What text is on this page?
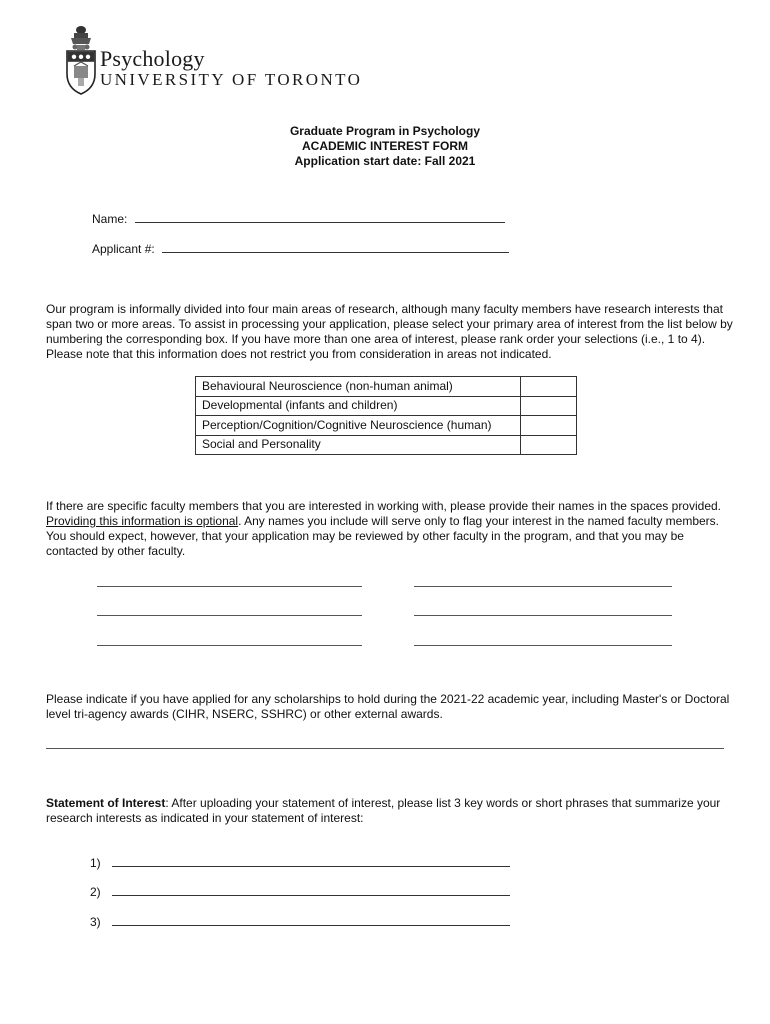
Psychology
UNIVERSITY OF TORONTO
Graduate Program in Psychology
ACADEMIC INTEREST FORM
Application start date: Fall 2021
Name:
Applicant #:
Our program is informally divided into four main areas of research, although many faculty members have research interests that span two or more areas. To assist in processing your application, please select your primary area of interest from the list below by numbering the corresponding box. If you have more than one area of interest, please rank order your selections (i.e., 1 to 4). Please note that this information does not restrict you from consideration in areas not indicated.
Behavioural Neuroscience (non-human animal)	
Developmental (infants and children)	
Perception/Cognition/Cognitive Neuroscience (human)	
Social and Personality	
If there are specific faculty members that you are interested in working with, please provide their names in the spaces provided. Providing this information is optional. Any names you include will serve only to flag your interest in the named faculty members. You should expect, however, that your application may be reviewed by other faculty in the program, and that you may be contacted by other faculty.
Please indicate if you have applied for any scholarships to hold during the 2021-22 academic year, including Master's or Doctoral level tri-agency awards (CIHR, NSERC, SSHRC) or other external awards.
Statement of Interest: After uploading your statement of interest, please list 3 key words or short phrases that summarize your research interests as indicated in your statement of interest:
1)
2)
3)
